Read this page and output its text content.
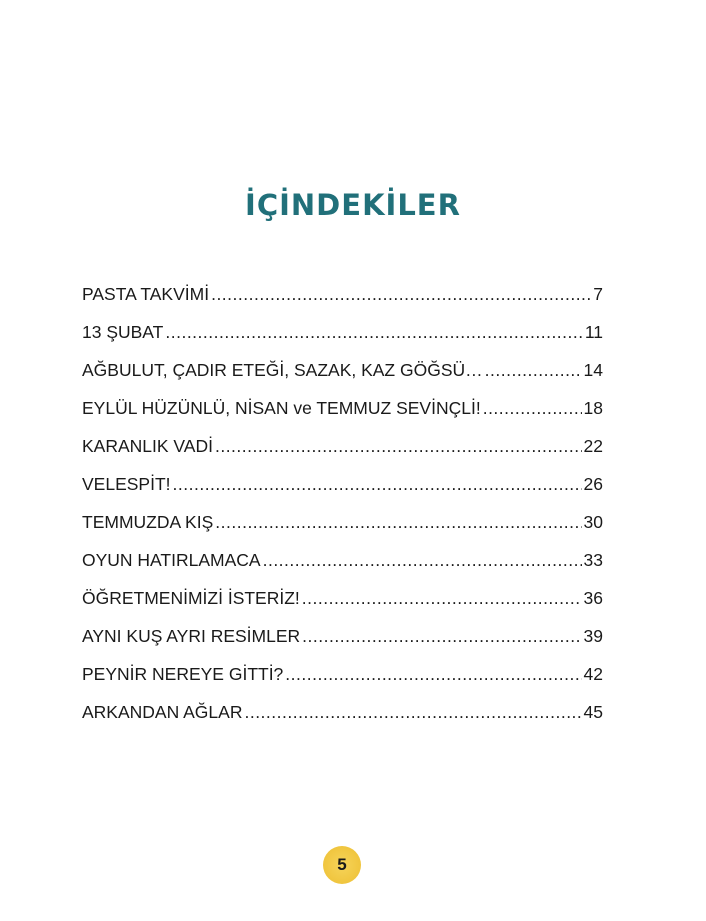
İÇİNDEKİLER
PASTA TAKVİMİ .....	7
13 ŞUBAT .....	11
AĞBULUT, ÇADIR ETEĞİ, SAZAK, KAZ GÖĞSÜ… .....	14
EYLÜL HÜZÜNLÜ, NİSAN ve TEMMUZ SEVİNÇLİ! .....	18
KARANLIK VADİ .....	22
VELESPİT! .....	26
TEMMUZDA KIŞ .....	30
OYUN HATIRLAMACA .....	33
ÖĞRETMENİMİZİ İSTERİZ! .....	36
AYNI KUŞ AYRI RESİMLER .....	39
PEYNİR NEREYE GİTTİ? .....	42
ARKANDAN AĞLAR .....	45
5
